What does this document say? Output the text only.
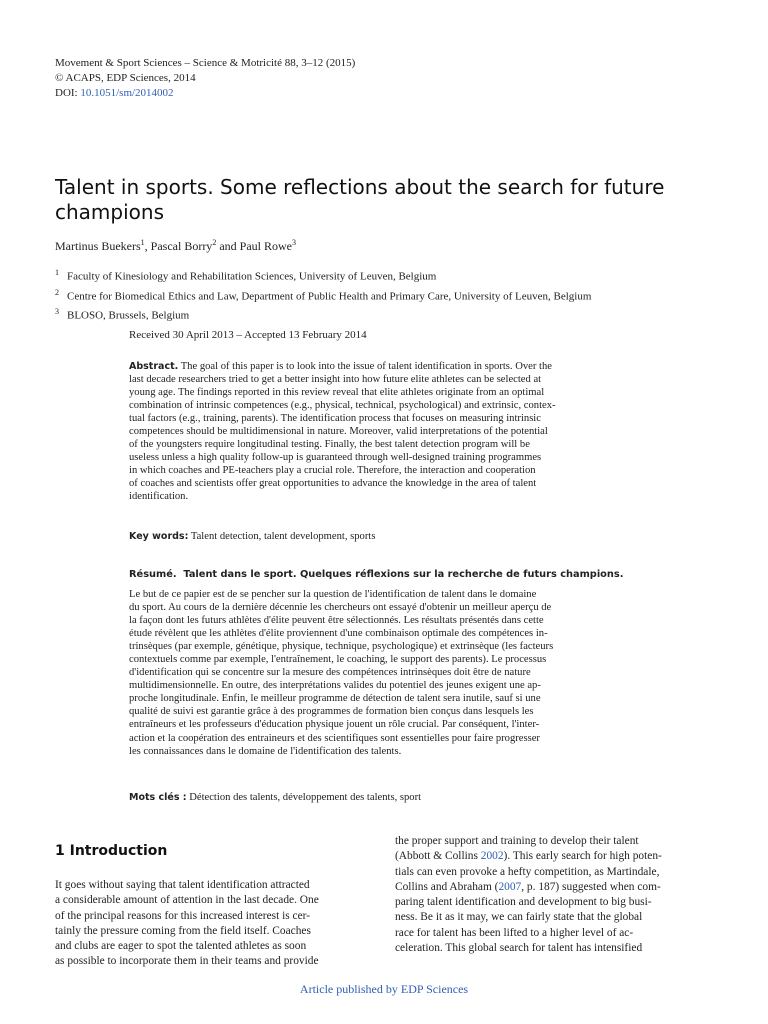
Movement & Sport Sciences – Science & Motricité 88, 3–12 (2015)
© ACAPS, EDP Sciences, 2014
DOI: 10.1051/sm/2014002
Talent in sports. Some reflections about the search for future champions
Martinus Buekers$^1$, Pascal Borry$^2$ and Paul Rowe$^3$
$^1$ Faculty of Kinesiology and Rehabilitation Sciences, University of Leuven, Belgium
$^2$ Centre for Biomedical Ethics and Law, Department of Public Health and Primary Care, University of Leuven, Belgium
$^3$ BLOSO, Brussels, Belgium
Received 30 April 2013 – Accepted 13 February 2014
Abstract. The goal of this paper is to look into the issue of talent identification in sports. Over the
last decade researchers tried to get a better insight into how future elite athletes can be selected at
young age. The findings reported in this review reveal that elite athletes originate from an optimal
combination of intrinsic competences (e.g., physical, technical, psychological) and extrinsic, contex-
tual factors (e.g., training, parents). The identification process that focuses on measuring intrinsic
competences should be multidimensional in nature. Moreover, valid interpretations of the potential
of the youngsters require longitudinal testing. Finally, the best talent detection program will be
useless unless a high quality follow-up is guaranteed through well-designed training programmes
in which coaches and PE-teachers play a crucial role. Therefore, the interaction and cooperation
of coaches and scientists offer great opportunities to advance the knowledge in the area of talent
identification.
Key words: Talent detection, talent development, sports
Résumé. Talent dans le sport. Quelques réflexions sur la recherche de futurs champions.
Le but de ce papier est de se pencher sur la question de l'identification de talent dans le domaine
du sport. Au cours de la dernière décennie les chercheurs ont essayé d'obtenir un meilleur aperçu de
la façon dont les futurs athlètes d'élite peuvent être sélectionnés. Les résultats présentés dans cette
étude révèlent que les athlètes d'élite proviennent d'une combinaison optimale des compétences in-
trinsèques (par exemple, génétique, physique, technique, psychologique) et extrinsèque (les facteurs
contextuels comme par exemple, l'entraînement, le coaching, le support des parents). Le processus
d'identification qui se concentre sur la mesure des compétences intrinsèques doit être de nature
multidimensionnelle. En outre, des interprétations valides du potentiel des jeunes exigent une ap-
proche longitudinale. Enfin, le meilleur programme de détection de talent sera inutile, sauf si une
qualité de suivi est garantie grâce à des programmes de formation bien conçus dans lesquels les
entraîneurs et les professeurs d'éducation physique jouent un rôle crucial. Par conséquent, l'inter-
action et la coopération des entraineurs et des scientifiques sont essentielles pour faire progresser
les connaissances dans le domaine de l'identification des talents.
Mots clés : Détection des talents, développement des talents, sport
1 Introduction
It goes without saying that talent identification attracted
a considerable amount of attention in the last decade. One
of the principal reasons for this increased interest is cer-
tainly the pressure coming from the field itself. Coaches
and clubs are eager to spot the talented athletes as soon
as possible to incorporate them in their teams and provide
the proper support and training to develop their talent
(Abbott & Collins 2002). This early search for high poten-
tials can even provoke a hefty competition, as Martindale,
Collins and Abraham (2007, p. 187) suggested when com-
paring talent identification and development to big busi-
ness. Be it as it may, we can fairly state that the global
race for talent has been lifted to a higher level of ac-
celeration. This global search for talent has intensified
Article published by EDP Sciences
